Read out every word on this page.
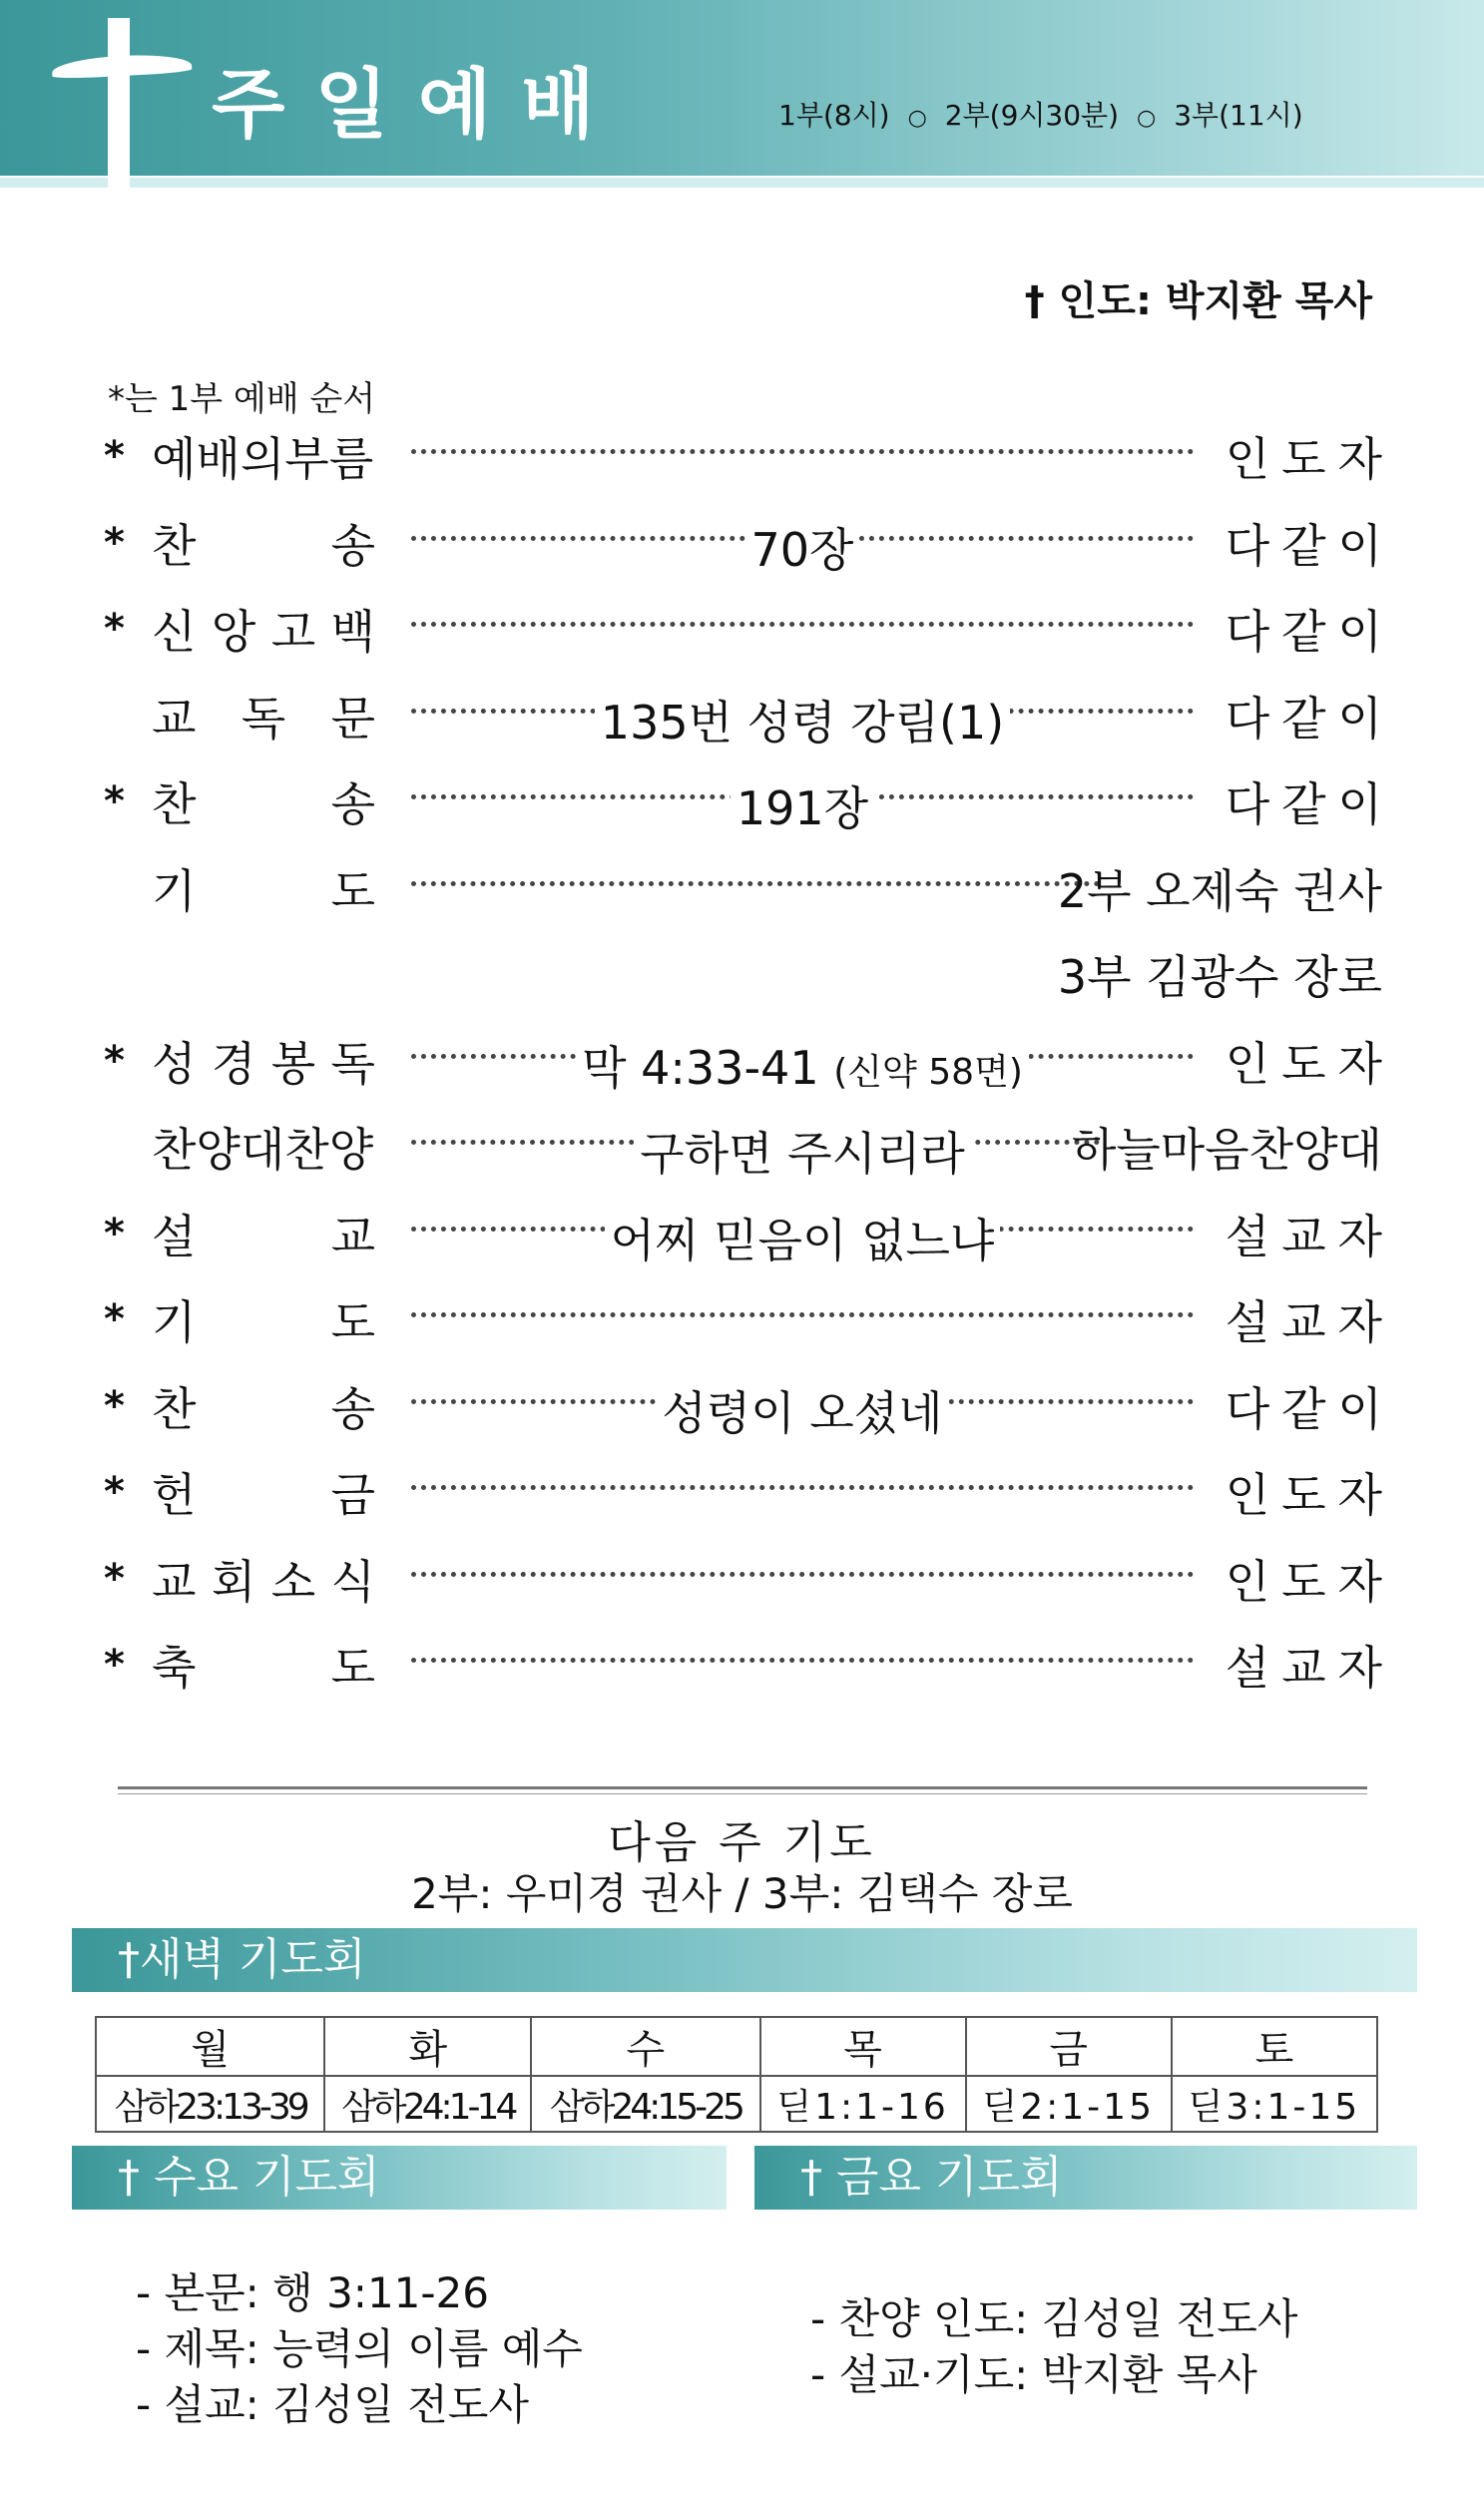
주일예배	1부(8시) ○ 2부(9시30분) ○ 3부(11시)
† 인도: 박지환 목사
*는 1부 예배 순서
* 예배의부름	인도자
* 찬	송	70장	다같이
* 신 앙 고 백	다같이
교 독 문	135번 성령 강림(1)	다같이
* 찬	송	191장	다같이
기	도	2부 오제숙 권사
3부 김광수 장로
* 성 경 봉 독	막 4:33-41 (신약 58면)	인도자
찬양대찬양	구하면 주시리라	하늘마음찬양대
* 설	교	어찌 믿음이 없느냐	설교자
* 기	도	설교자
* 찬	송	성령이 오셨네	다같이
* 헌	금	인도자
* 교 회 소 식	인도자
* 축	도	설교자
다음 주 기도
2부: 우미경 권사 / 3부: 김택수 장로
†새벽 기도회
월	화	수	목	금	토
삼하23:13-39	삼하24:1-14	삼하24:15-25	딛1:1-16	딛2:1-15	딛3:1-15
† 수요 기도회	† 금요 기도회
- 본문: 행 3:11-26
- 제목: 능력의 이름 예수
- 설교: 김성일 전도사
- 찬양 인도: 김성일 전도사
- 설교·기도: 박지환 목사
